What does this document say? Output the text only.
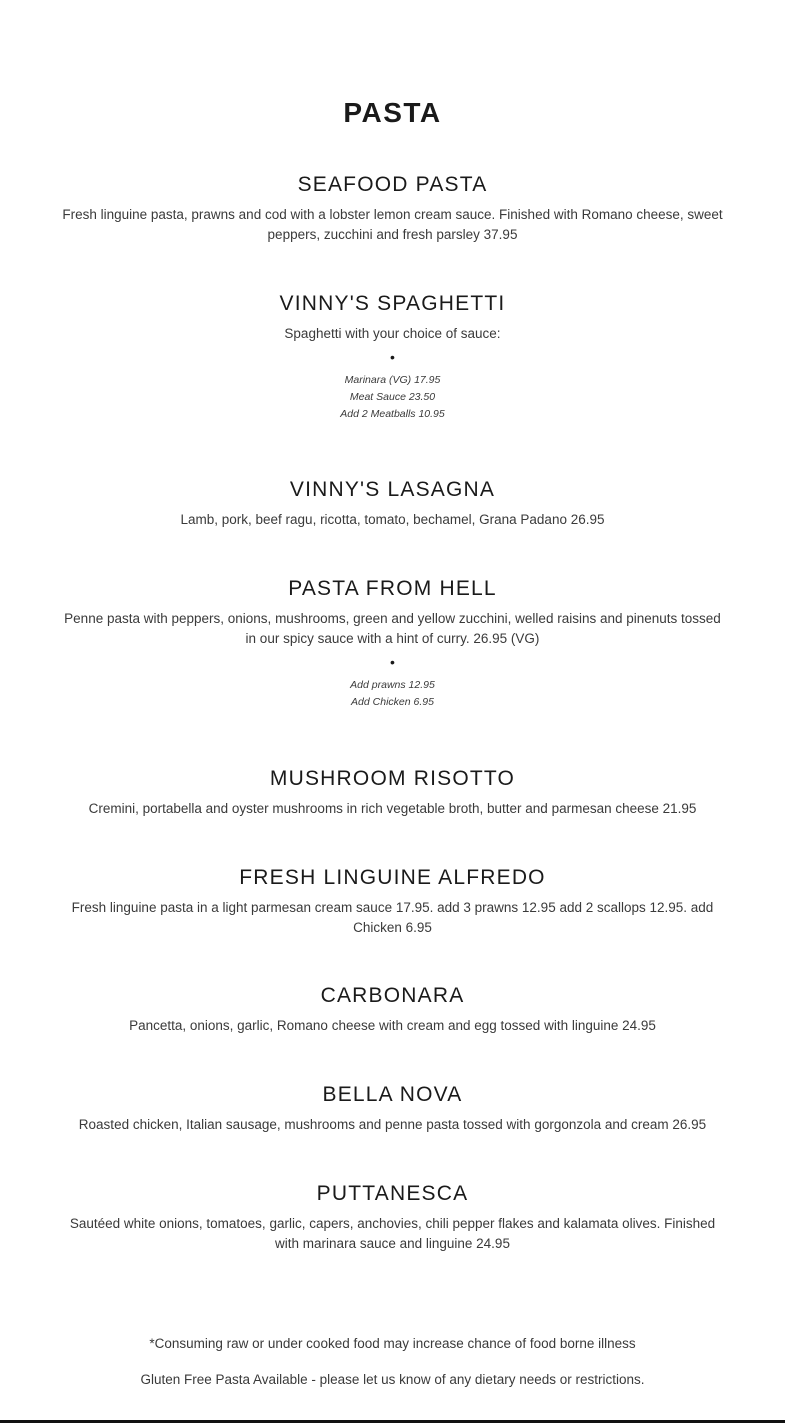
PASTA
SEAFOOD PASTA

Fresh linguine pasta, prawns and cod with a lobster lemon cream sauce. Finished with Romano cheese, sweet peppers, zucchini and fresh parsley 37.95

VINNY'S SPAGHETTI

Spaghetti with your choice of sauce:

•

Marinara (VG) 17.95
Meat Sauce 23.50
Add 2 Meatballs 10.95
VINNY'S LASAGNA

Lamb, pork, beef ragu, ricotta, tomato, bechamel, Grana Padano 26.95

PASTA FROM HELL

Penne pasta with peppers, onions, mushrooms, green and yellow zucchini, welled raisins and pinenuts tossed in our spicy sauce with a hint of curry. 26.95 (VG)

•

Add prawns 12.95
Add Chicken 6.95
MUSHROOM RISOTTO

Cremini, portabella and oyster mushrooms in rich vegetable broth, butter and parmesan cheese 21.95

FRESH LINGUINE ALFREDO

Fresh linguine pasta in a light parmesan cream sauce 17.95. add 3 prawns 12.95 add 2 scallops 12.95. add Chicken 6.95

CARBONARA

Pancetta, onions, garlic, Romano cheese with cream and egg tossed with linguine 24.95

BELLA NOVA

Roasted chicken, Italian sausage, mushrooms and penne pasta tossed with gorgonzola and cream 26.95

PUTTANESCA

Sautéed white onions, tomatoes, garlic, capers, anchovies, chili pepper flakes and kalamata olives. Finished with marinara sauce and linguine 24.95

*Consuming raw or under cooked food may increase chance of food borne illness

Gluten Free Pasta Available - please let us know of any dietary needs or restrictions.
